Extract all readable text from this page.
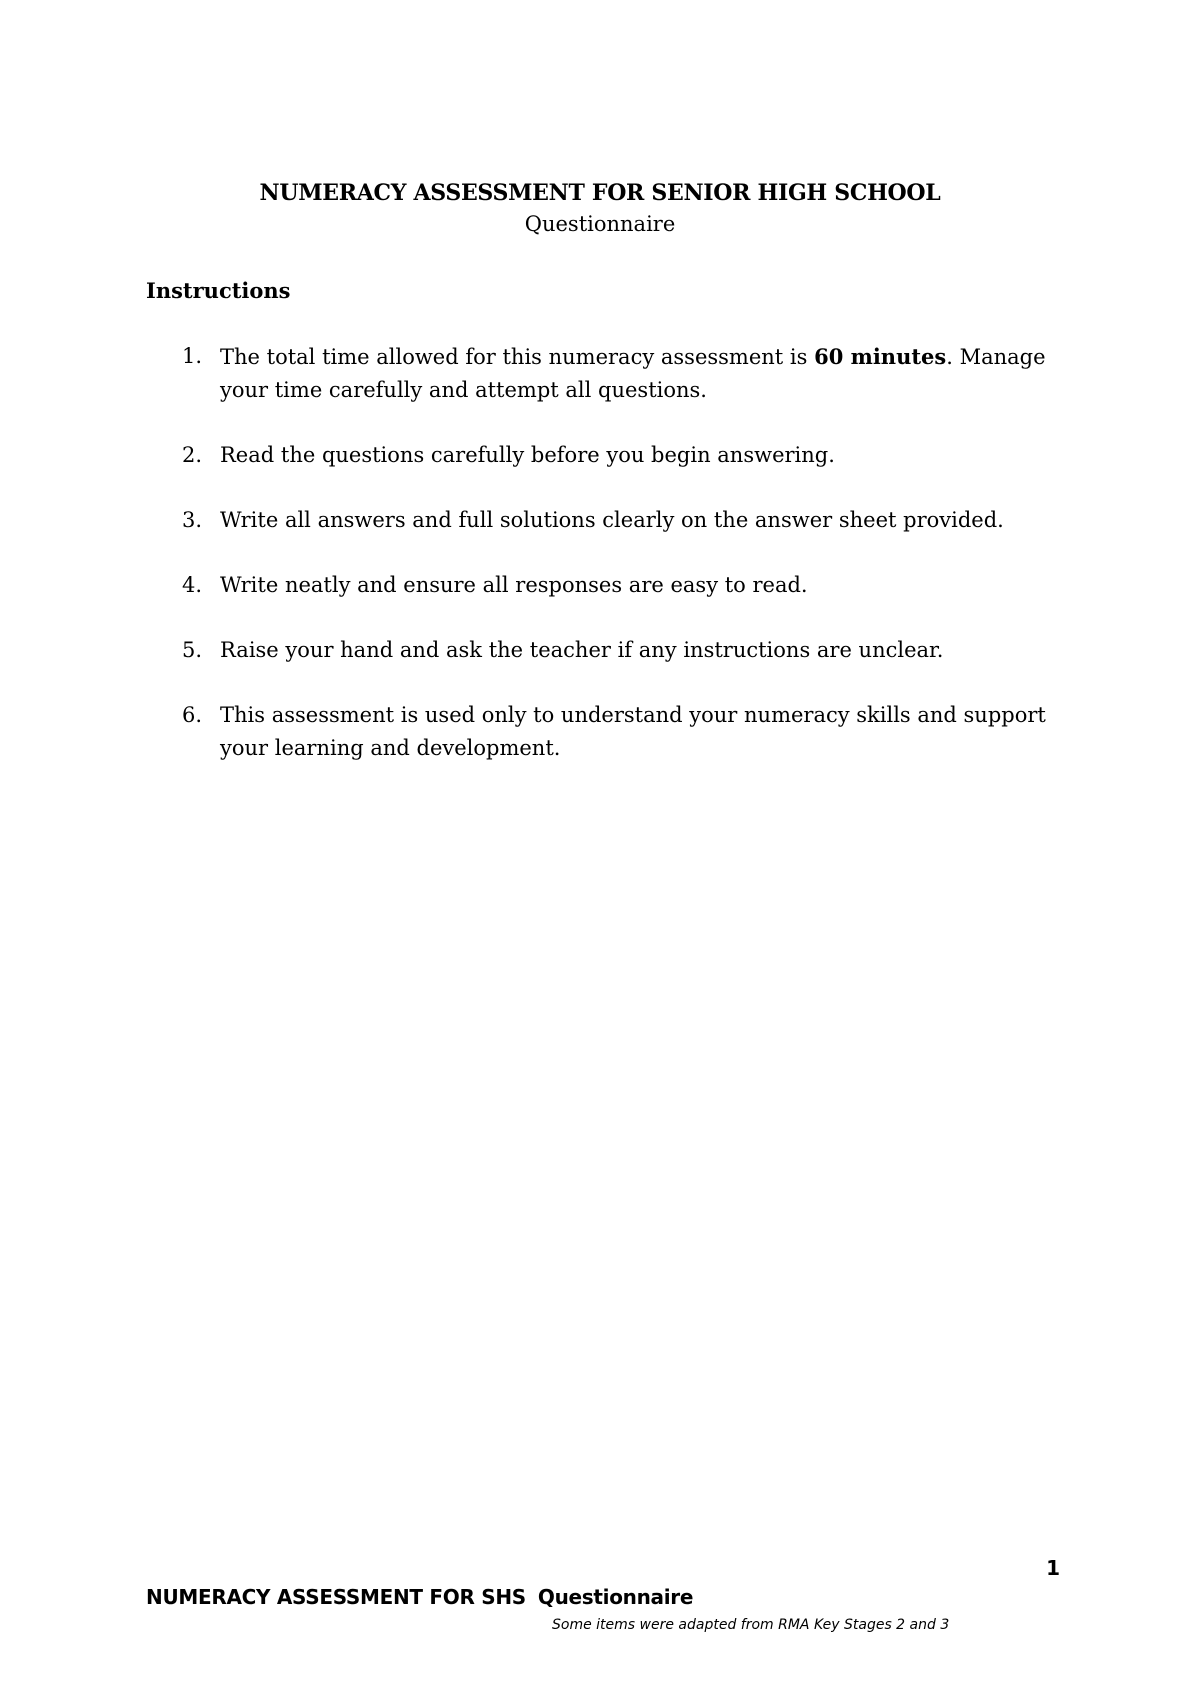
NUMERACY ASSESSMENT FOR SENIOR HIGH SCHOOL

Questionnaire

Instructions
1. The total time allowed for this numeracy assessment is 60 minutes. Manage your time carefully and attempt all questions.
2. Read the questions carefully before you begin answering.
3. Write all answers and full solutions clearly on the answer sheet provided.
4. Write neatly and ensure all responses are easy to read.
5. Raise your hand and ask the teacher if any instructions are unclear.
6. This assessment is used only to understand your numeracy skills and support your learning and development.
1
NUMERACY ASSESSMENT FOR SHS Questionnaire
Some items were adapted from RMA Key Stages 2 and 3
